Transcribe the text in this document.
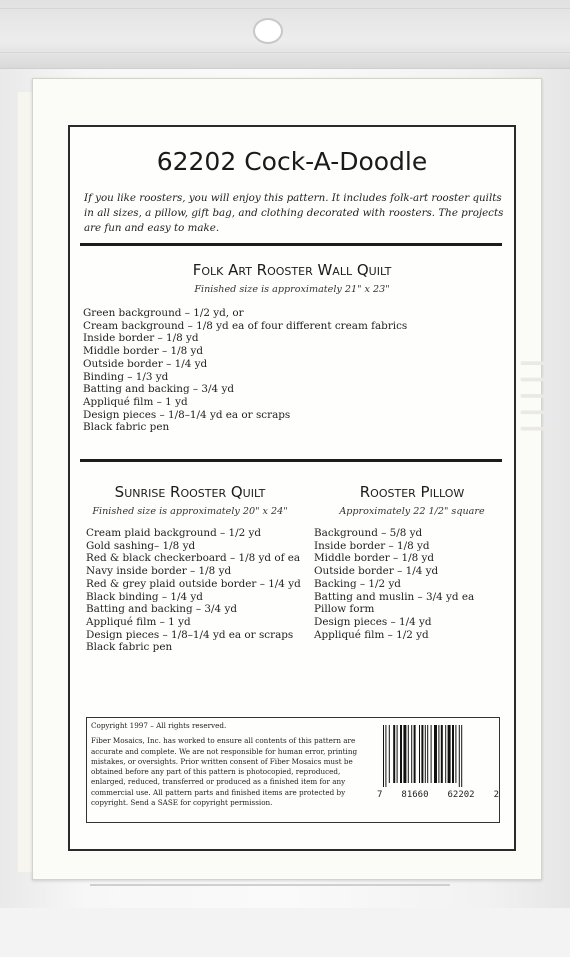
|||||
62202 Cock-A-Doodle
If you like roosters, you will enjoy this pattern. It includes folk-art rooster quilts in all sizes, a pillow, gift bag, and clothing decorated with roosters. The projects are fun and easy to make.
Folk Art Rooster Wall Quilt
Finished size is approximately 21" x 23"
Green background – 1/2 yd, or
Cream background – 1/8 yd ea of four different cream fabrics
Inside border – 1/8 yd
Middle border – 1/8 yd
Outside border – 1/4 yd
Binding – 1/3 yd
Batting and backing – 3/4 yd
Appliqué film – 1 yd
Design pieces – 1/8–1/4 yd ea or scraps
Black fabric pen
Sunrise Rooster Quilt
Finished size is approximately 20" x 24"
Cream plaid background – 1/2 yd
Gold sashing– 1/8 yd
Red & black checkerboard – 1/8 yd of ea
Navy inside border – 1/8 yd
Red & grey plaid outside border – 1/4 yd
Black binding – 1/4 yd
Batting and backing – 3/4 yd
Appliqué film – 1 yd
Design pieces – 1/8–1/4 yd ea or scraps
Black fabric pen
Rooster Pillow
Approximately 22 1/2" square
Background – 5/8 yd
Inside border – 1/8 yd
Middle border – 1/8 yd
Outside border – 1/4 yd
Backing – 1/2 yd
Batting and muslin – 3/4 yd ea
Pillow form
Design pieces – 1/4 yd
Appliqué film – 1/2 yd
Copyright 1997 – All rights reserved.
Fiber Mosaics, Inc. has worked to ensure all contents of this pattern are accurate and complete. We are not responsible for human error, printing mistakes, or oversights. Prior written consent of Fiber Mosaics must be obtained before any part of this pattern is photocopied, reproduced, enlarged, reduced, transferred or produced as a finished item for any commercial use. All pattern parts and finished items are protected by copyright. Send a SASE for copyright permission.
7 81660 62202 2
